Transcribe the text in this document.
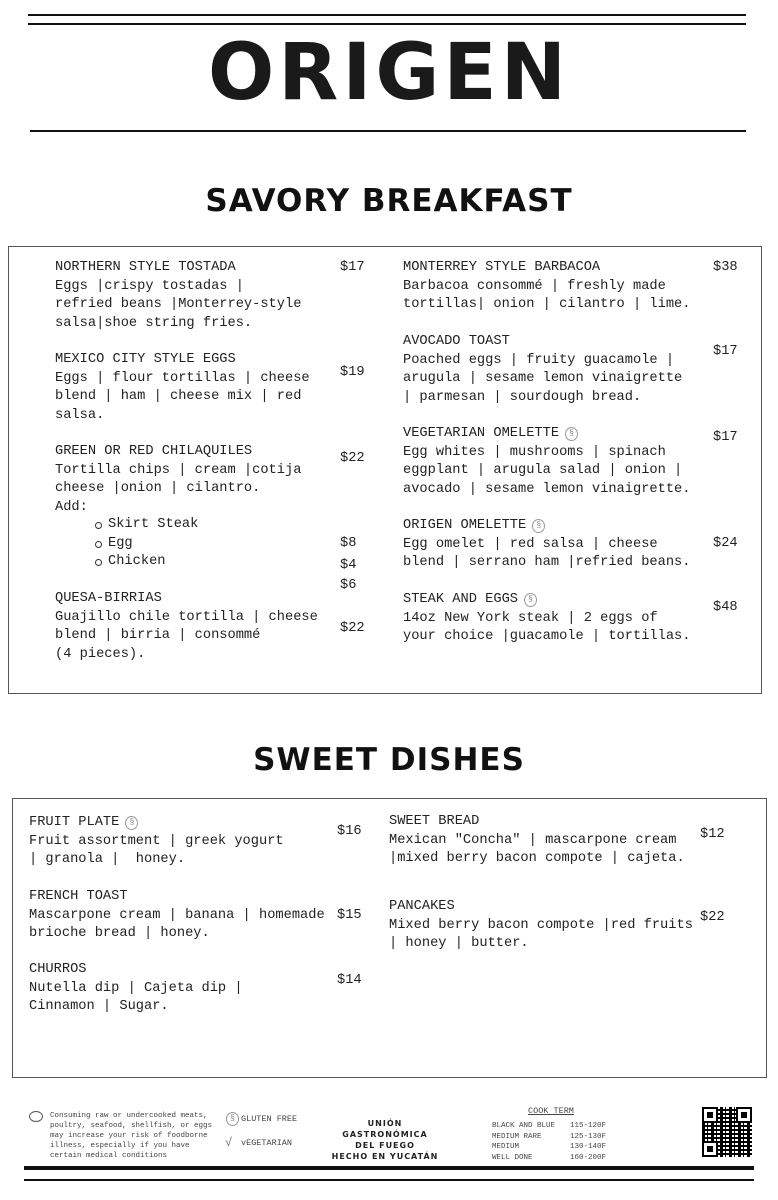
ORIGEN
SAVORY BREAKFAST
SWEET DISHES
NORTHERN STYLE TOSTADA
Eggs |crispy tostadas |
refried beans |Monterrey-style
salsa|shoe string fries.
$17
MEXICO CITY STYLE EGGS
Eggs | flour tortillas | cheese
blend | ham | cheese mix | red
salsa.
$19
GREEN OR RED CHILAQUILES
Tortilla chips | cream |cotija
cheese |onion | cilantro.
Add:
$22
Skirt Steak
$8
Egg
$4
Chicken
$6
QUESA-BIRRIAS
Guajillo chile tortilla | cheese
blend | birria | consommé
(4 pieces).
$22
MONTERREY STYLE BARBACOA
Barbacoa consommé | freshly made
tortillas| onion | cilantro | lime.
$38
AVOCADO TOAST
Poached eggs | fruity guacamole |
arugula | sesame lemon vinaigrette
| parmesan | sourdough bread.
$17
VEGETARIAN OMELETTE §
Egg whites | mushrooms | spinach
eggplant | arugula salad | onion |
avocado | sesame lemon vinaigrette.
$17
ORIGEN OMELETTE §
Egg omelet | red salsa | cheese
blend | serrano ham |refried beans.
$24
STEAK AND EGGS §
14oz New York steak | 2 eggs of
your choice |guacamole | tortillas.
$48
FRUIT PLATE §
Fruit assortment | greek yogurt
| granola |  honey.
$16
FRENCH TOAST
Mascarpone cream | banana | homemade
brioche bread | honey.
$15
CHURROS
Nutella dip | Cajeta dip |
Cinnamon | Sugar.
$14
SWEET BREAD
Mexican "Concha" | mascarpone cream
|mixed berry bacon compote | cajeta.
$12
PANCAKES
Mixed berry bacon compote |red fruits
| honey | butter.
$22
Consuming raw or undercooked meats,
poultry, seafood, shellfish, or eggs
may increase your risk of foodborne
illness, especially if you have
certain medical conditions
§ GLUTEN FREE
√ vEGETARIAN
UNIÓN
GASTRONÓMICA
DEL FUEGO
HECHO EN YUCATÁN
COOK TERM
BLACK AND BLUE 115-120F
MEDIUM RARE	125-130F
MEDIUM	130-140F
WELL DONE	160-200F
